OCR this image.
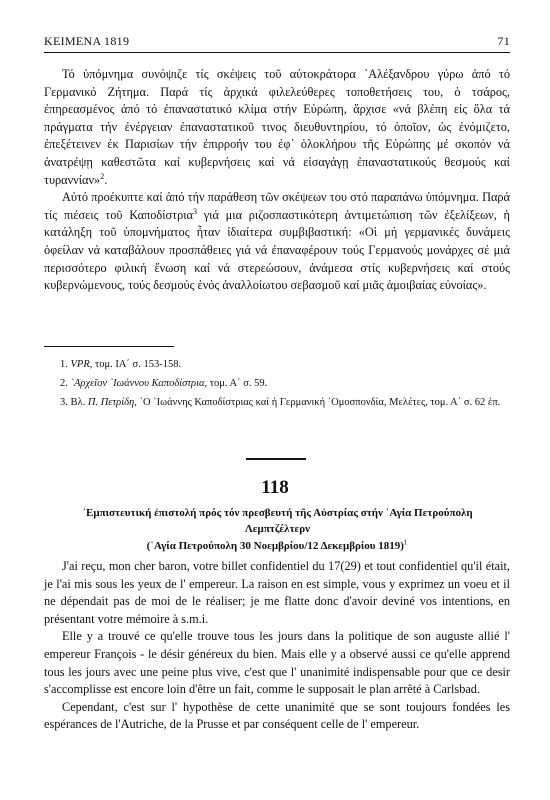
ΚΕΙΜΕΝΑ 1819	71

Τό ὑπόμνημα συνόψιζε τίς σκέψεις τοῦ αὐτοκράτορα ᾿Αλέξανδρου γύρω ἀπό τό Γερμανικό Ζήτημα. Παρά τίς ἀρχικά φιλελεύθερες τοποθετήσεις του, ὁ τσάρος, ἐπηρεασμένος ἀπό τό ἐπαναστατικό κλίμα στήν Εὐρώπη, ἄρχισε «νά βλέπη εἰς ὅλα τά πράγματα τήν ἐνέργειαν ἐπαναστατικοῦ τινος διευθυντηρίου, τό ὁποῖον, ὡς ἐνόμιζετο, ἐπεξέτεινεν ἐκ Παρισίων τήν ἐπιρροήν του ἐφ᾿ ὁλοκλήρου τῆς Εὐρώπης μέ σκοπόν νά ἀνατρέψῃ καθεστῶτα καί κυβερνήσεις καί νά εἰσαγάγῃ ἐπαναστατικούς θεσμούς καί τυραννίαν»$^2$.

Αὐτό προέκυπτε καί ἀπό τήν παράθεση τῶν σκέψεων του στό παραπάνω ὑπόμνημα. Παρά τίς πιέσεις τοῦ Καποδίστρια$^3$ γιά μια ριζοσπαστικότερη ἀντιμετώπιση τῶν ἐξελίξεων, ἡ κατάληξη τοῦ ὑπομνήματος ἦταν ἰδιαίτερα συμβιβαστική: «Οἱ μή γερμανικές δυνάμεις ὀφείλαν νά καταβάλουν προσπάθειες γιά νά ἐπαναφέρουν τούς Γερμανούς μονάρχες σέ μιά περισσότερο φιλική ἕνωση καί νά στερεώσουν, ἀνάμεσα στίς κυβερνήσεις καί στούς κυβερνώμενους, τούς δεσμούς ἑνός ἀναλλοίωτου σεβασμοῦ καί μιᾶς ἀμοιβαίας εὐνοίας».

1. VPR, τομ. ΙΑ΄ σ. 153-158.

2. ᾿Αρχεῖον ᾿Ιωάννου Καποδίστρια, τομ. Α΄ σ. 59.

3. Βλ. Π. Πετρίδη, ῾Ο ᾿Ιωάννης Καποδίστριας καί ἡ Γερμανική ῾Ομοσπονδία, Μελέτες, τομ. Α΄ σ. 62 ἑπ.

118
᾿Εμπιστευτική ἐπιστολή πρός τόν πρεσβευτή τῆς Αὐστρίας στήν ῾Αγία Πετρούπολη Λεμπτζέλτερν
(῾Αγία Πετρούπολη 30 Νοεμβρίου/12 Δεκεμβρίου 1819)$^1$

J'ai reçu, mon cher baron, votre billet confidentiel du 17(29) et tout confidentiel qu'il était, je l'ai mis sous les yeux de l' empereur. La raison en est simple, vous y exprimez un voeu et il ne dépendait pas de moi de le réaliser; je me flatte donc d'avoir deviné vos intentions, en présentant votre mémoire à s.m.i.

Elle y a trouvé ce qu'elle trouve tous les jours dans la politique de son auguste allié l' empereur François - le désir généreux du bien. Mais elle y a observé aussi ce qu'elle apprend tous les jours avec une peine plus vive, c'est que l' unanimité indispensable pour que ce desir s'accomplisse est encore loin d'être un fait, comme le supposait le plan arrêté à Carlsbad.

Cependant, c'est sur l' hypothèse de cette unanimité que se sont toujours fondées les espérances de l'Autriche, de la Prusse et par conséquent celle de l' empereur.
